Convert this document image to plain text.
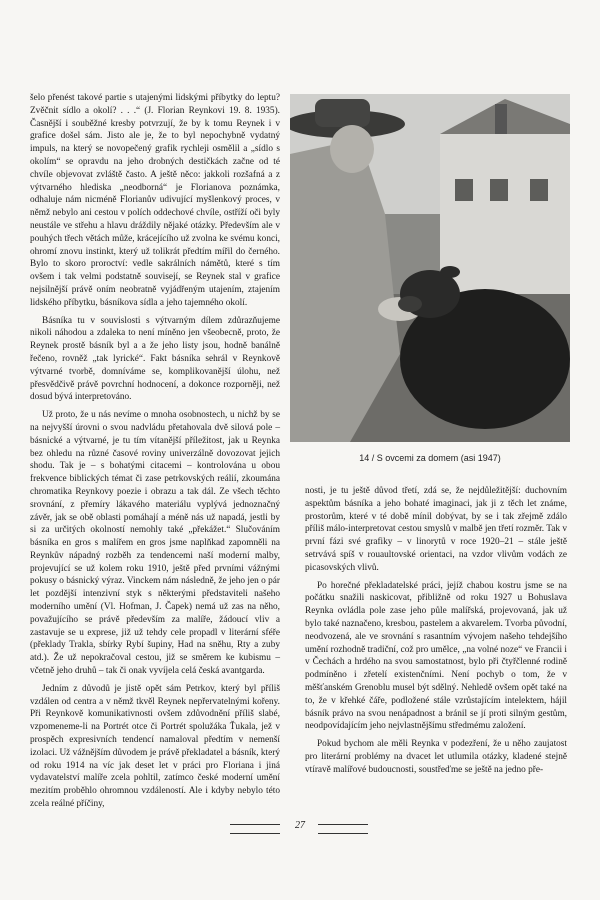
šelo přenést takové partie s utajenými lidskými příbytky do leptu? Zvěčnit sídlo a okolí? . . .“ (J. Florian Reynkovi 19. 8. 1935). Časnější i souběžné kresby potvrzují, že by k tomu Reynek i v grafice došel sám. Jisto ale je, že to byl nepochybně vydatný impuls, na který se novopečený grafik rychleji osmělil a „sídlo s okolím“ se opravdu na jeho drobných destičkách začne od té chvíle objevovat zvláště často. A ještě něco: jakkoli rozšafná a z výtvarného hlediska „neodborná“ je Florianova poznámka, odhaluje nám nicméně Florianův udivující myšlenkový proces, v němž nebylo ani cestou v polích oddechové chvíle, ostříží oči byly neustále ve střehu a hlavu dráždily nějaké otázky. Především ale v pouhých třech větách může, krácejícího už zvolna ke svému konci, ohromí znovu instinkt, který už tolikrát předtím mířil do černého. Bylo to skoro proroctví: vedle sakrálních námětů, které s tím ovšem i tak velmi podstatně souvisejí, se Reynek stal v grafice nejsilnější právě oním neobratně vyjádřeným utajením, ztajením lidského příbytku, básníkova sídla a jeho tajemného okolí.

Básníka tu v souvislosti s výtvarným dílem zdůrazňujeme nikoli náhodou a zdaleka to není míněno jen všeobecně, proto, že Reynek prostě básník byl a a že jeho listy jsou, hodně banálně řečeno, rovněž „tak lyrické“. Fakt básníka sehrál v Reynkově výtvarné tvorbě, domníváme se, komplikovanější úlohu, než přesvědčivě právě povrchní hodnocení, a dokonce rozporněji, než dosud bývá interpretováno.

Už proto, že u nás nevíme o mnoha osobnostech, u nichž by se na nejvyšší úrovni o svou nadvládu přetahovala dvě silová pole – básnické a výtvarné, je tu tím vítanější příležitost, jak u Reynka bez ohledu na různé časové roviny univerzálně dovozovat jejich shodu. Tak je – s bohatými citacemi – kontrolována u obou frekvence biblických témat či zase petrkovských reálií, zkoumána chromatika Reynkovy poezie i obrazu a tak dál. Ze všech těchto srovnání, z přemíry lákavého materiálu vyplývá jednoznačný závěr, jak se obě oblasti pomáhají a méně nás už napadá, jestli by si za určitých okolností nemohly také „překážet.“ Slučováním básníka en gros s malířem en gros jsme naplňkad zapomněli na Reynkův nápadný rozběh za tendencemi naší moderní malby, projevující se už kolem roku 1910, ještě před prvními vážnými pokusy o básnický výraz. Vinckem nám následně, že jeho jen o pár let pozdější intenzivní styk s některými představiteli našeho moderního umění (Vl. Hofman, J. Čapek) nemá už zas na něho, považujícího se právě především za malíře, žádoucí vliv a zastavuje se u exprese, již už tehdy cele propadl v literární sféře (překlady Trakla, sbírky Rybí šupiny, Had na sněhu, Rty a zuby atd.). Že už nepokračoval cestou, již se směrem ke kubismu – včetně jeho druhů – tak či onak vyvíjela celá česká avantgarda.

Jedním z důvodů je jistě opět sám Petrkov, který byl příliš vzdálen od centra a v němž tkvěl Reynek nepřervatelnými kořeny. Při Reynkově komunikativnosti ovšem zdůvodnění příliš slabé, vzpomeneme-li na Portrét otce či Portrét spolužáka Ťukala, jež v prospěch expresivních tendencí namaloval předtím v nemenší izolaci. Už vážnějším důvodem je právě překladatel a básník, který od roku 1914 na víc jak deset let v práci pro Floriana i jiná vydavatelství malíře zcela pohltil, zatímco české moderní umění mezitím proběhlo ohromnou vzdáleností. Ale i kdyby nebylo této zcela reálné příčiny,

14 / S ovcemi za domem (asi 1947)

nosti, je tu ještě důvod třetí, zdá se, že nejdůležitější: duchovním aspektům básníka a jeho bohaté imaginaci, jak ji z těch let známe, prostorům, které v té době mínil dobývat, by se i tak zřejmě zdálo příliš málo-interpretovat cestou smyslů v malbě jen třetí rozměr. Tak v první fázi své grafiky – v linorytů v roce 1920–21 – stále ještě setrvává spíš v rouaultovské orientaci, na vzdor vlivům vodách ze picasovských vlivů.

Po horečné překladatelské práci, jejíž chabou kostru jsme se na počátku snažili naskicovat, přibližně od roku 1927 u Bohuslava Reynka ovládla pole zase jeho půle malířská, projevovaná, jak už bylo také naznačeno, kresbou, pastelem a akvarelem. Tvorba původní, neodvozená, ale ve srovnání s rasantním vývojem našeho tehdejšího umění rozhodně tradiční, což pro umělce, „na volné noze“ ve Francii i v Čechách a hrdého na svou samostatnost, bylo při čtyřčlenné rodině podmíněno i zřetelí existenčními. Není pochyb o tom, že v měšťanském Grenoblu musel být sdělný. Nehledě ovšem opět také na to, že v křehké čáře, podložené stále vzrůstajícím intelektem, hájil básník právo na svou nenápadnost a bránil se jí proti silným gestům, neodpovídajícím jeho nejvlastnějšímu středmému založení.

Pokud bychom ale měli Reynka v podezření, že u něho zaujatost pro literární problémy na dvacet let utlumila otázky, kladené stejně vtíravě malířové budoucnosti, soustřeďme se ještě na jedno pře-

27
